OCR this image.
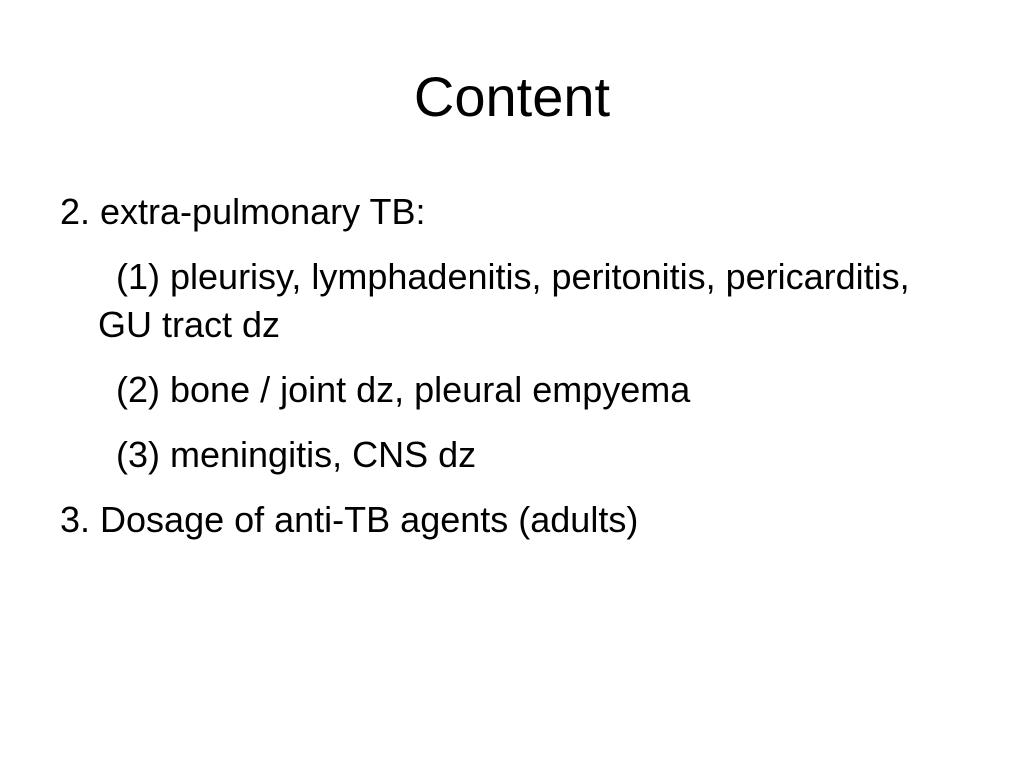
Content
2. extra-pulmonary TB:
(1) pleurisy, lymphadenitis, peritonitis, pericarditis, GU tract dz
(2) bone / joint dz, pleural empyema
(3) meningitis, CNS dz
3. Dosage of anti-TB agents (adults)
